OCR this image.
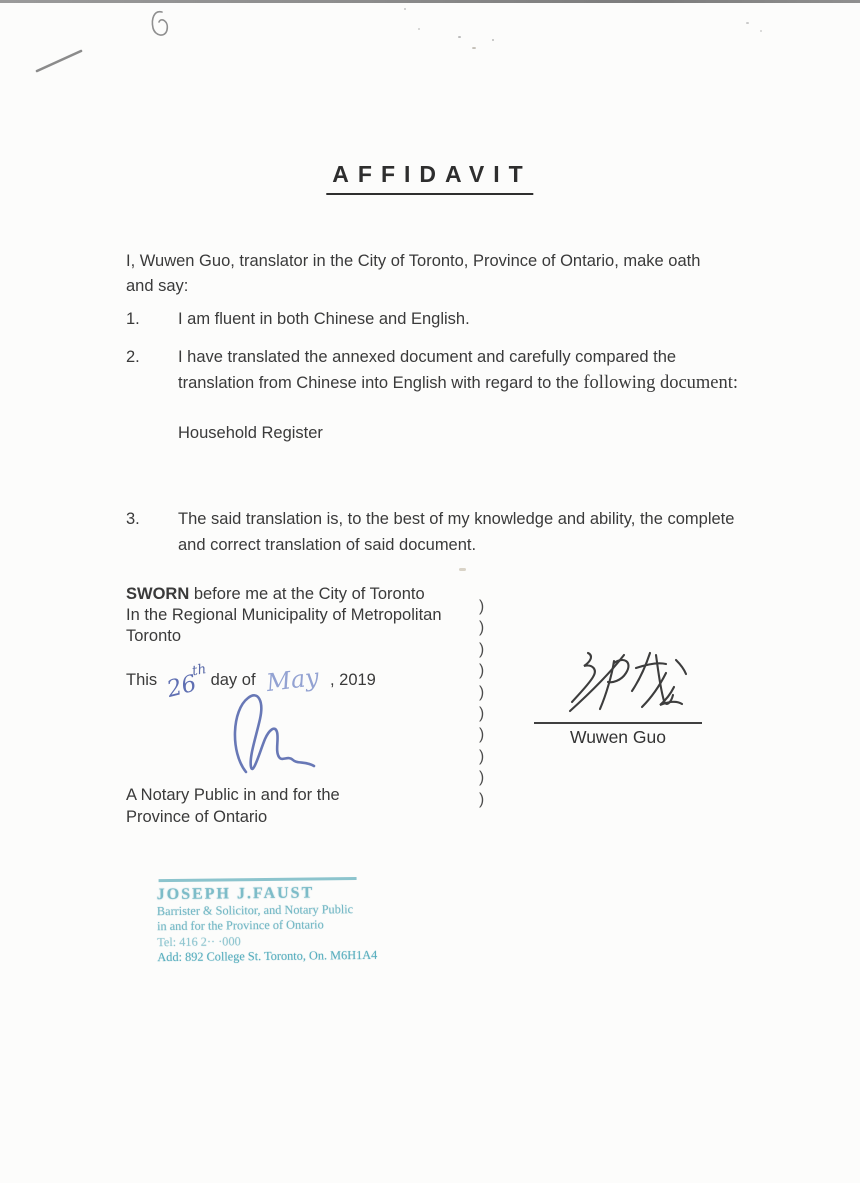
AFFIDAVIT

I, Wuwen Guo, translator in the City of Toronto, Province of Ontario, make oath and say:

1. I am fluent in both Chinese and English.
2. I have translated the annexed document and carefully compared the translation from Chinese into English with regard to the following document:
Household Register
3. The said translation is, to the best of my knowledge and ability, the complete and correct translation of said document.
SWORN before me at the City of Toronto
In the Regional Municipality of Metropolitan
Toronto
)
)
)
)
)
)
)
)
)
)
This 26thday of May , 2019
Wuwen Guo
A Notary Public in and for the
Province of Ontario
JOSEPH J.FAUST
Barrister & Solicitor, and Notary Public
in and for the Province of Ontario
Tel: 416 2·· ·000
Add: 892 College St. Toronto, On. M6H1A4
